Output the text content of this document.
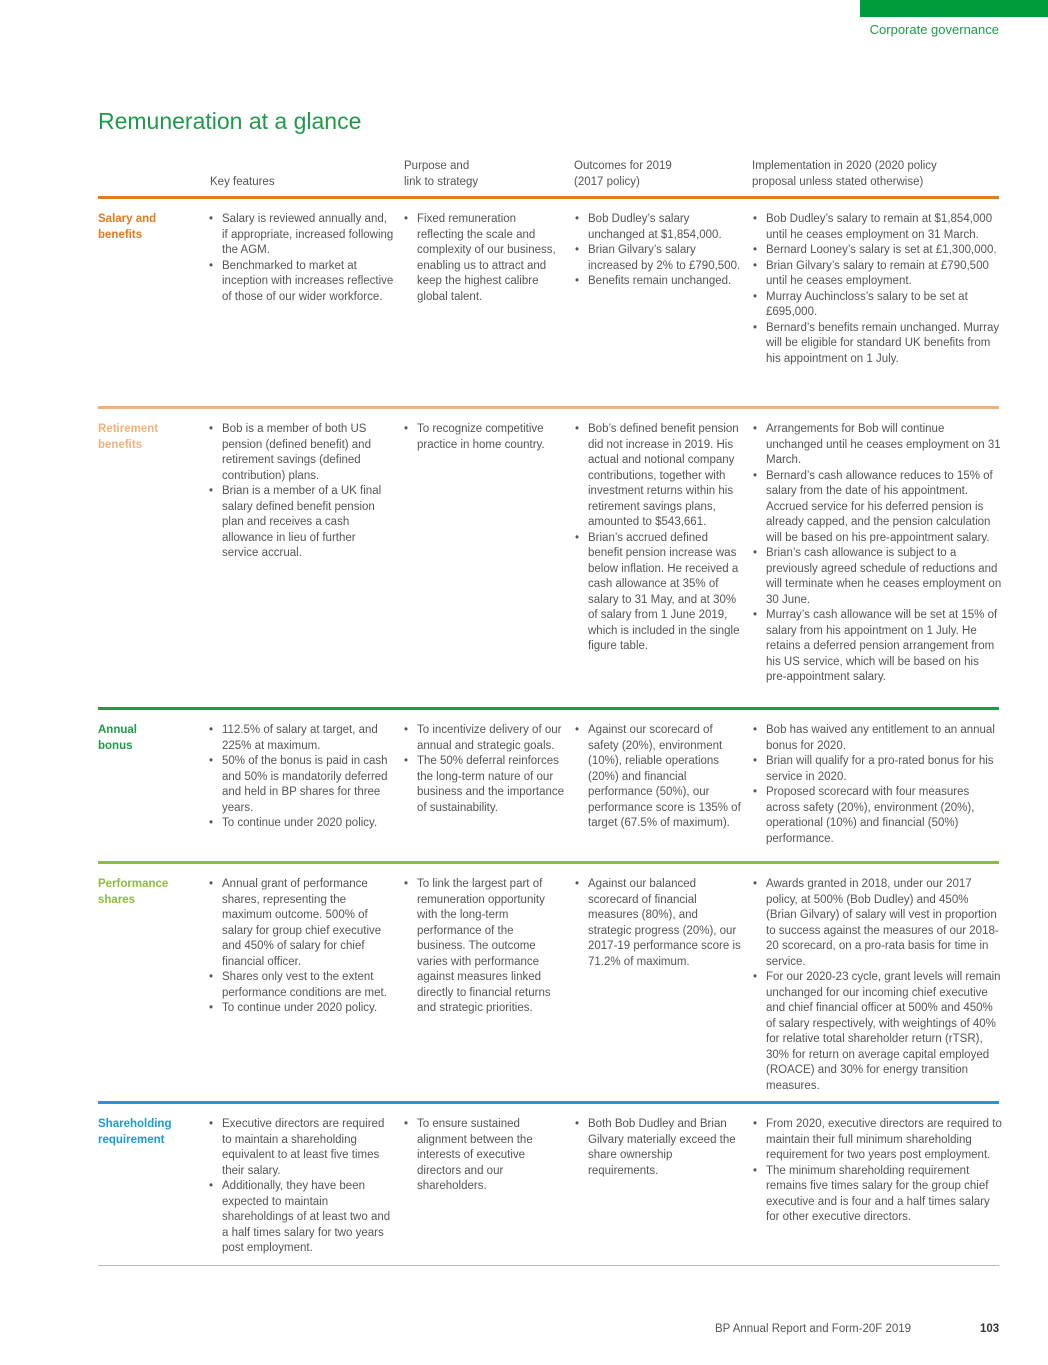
Corporate governance
Remuneration at a glance
Key features
Purpose and
link to strategy
Outcomes for 2019
(2017 policy)
Implementation in 2020 (2020 policy
proposal unless stated otherwise)
Salary and
benefits
• Salary is reviewed annually and, if appropriate, increased following the AGM.
• Benchmarked to market at inception with increases reflective of those of our wider workforce.
• Fixed remuneration reflecting the scale and complexity of our business, enabling us to attract and keep the highest calibre global talent.
• Bob Dudley’s salary unchanged at $1,854,000.
• Brian Gilvary’s salary increased by 2% to £790,500.
• Benefits remain unchanged.
• Bob Dudley’s salary to remain at $1,854,000 until he ceases employment on 31 March.
• Bernard Looney’s salary is set at £1,300,000.
• Brian Gilvary’s salary to remain at £790,500 until he ceases employment.
• Murray Auchincloss’s salary to be set at £695,000.
• Bernard’s benefits remain unchanged. Murray will be eligible for standard UK benefits from his appointment on 1 July.
Retirement
benefits
• Bob is a member of both US pension (defined benefit) and retirement savings (defined contribution) plans.
• Brian is a member of a UK final salary defined benefit pension plan and receives a cash allowance in lieu of further service accrual.
• To recognize competitive practice in home country.
• Bob’s defined benefit pension did not increase in 2019. His actual and notional company contributions, together with investment returns within his retirement savings plans, amounted to $543,661.
• Brian’s accrued defined benefit pension increase was below inflation. He received a cash allowance at 35% of salary to 31 May, and at 30% of salary from 1 June 2019, which is included in the single figure table.
• Arrangements for Bob will continue unchanged until he ceases employment on 31 March.
• Bernard’s cash allowance reduces to 15% of salary from the date of his appointment. Accrued service for his deferred pension is already capped, and the pension calculation will be based on his pre-appointment salary.
• Brian’s cash allowance is subject to a previously agreed schedule of reductions and will terminate when he ceases employment on 30 June.
• Murray’s cash allowance will be set at 15% of salary from his appointment on 1 July. He retains a deferred pension arrangement from his US service, which will be based on his pre-appointment salary.
Annual
bonus
• 112.5% of salary at target, and 225% at maximum.
• 50% of the bonus is paid in cash and 50% is mandatorily deferred and held in BP shares for three years.
• To continue under 2020 policy.
• To incentivize delivery of our annual and strategic goals.
• The 50% deferral reinforces the long-term nature of our business and the importance of sustainability.
• Against our scorecard of safety (20%), environment (10%), reliable operations (20%) and financial performance (50%), our performance score is 135% of target (67.5% of maximum).
• Bob has waived any entitlement to an annual bonus for 2020.
• Brian will qualify for a pro-rated bonus for his service in 2020.
• Proposed scorecard with four measures across safety (20%), environment (20%), operational (10%) and financial (50%) performance.
Performance
shares
• Annual grant of performance shares, representing the maximum outcome. 500% of salary for group chief executive and 450% of salary for chief financial officer.
• Shares only vest to the extent performance conditions are met.
• To continue under 2020 policy.
• To link the largest part of remuneration opportunity with the long-term performance of the business. The outcome varies with performance against measures linked directly to financial returns and strategic priorities.
• Against our balanced scorecard of financial measures (80%), and strategic progress (20%), our 2017-19 performance score is 71.2% of maximum.
• Awards granted in 2018, under our 2017 policy, at 500% (Bob Dudley) and 450% (Brian Gilvary) of salary will vest in proportion to success against the measures of our 2018-20 scorecard, on a pro-rata basis for time in service.
• For our 2020-23 cycle, grant levels will remain unchanged for our incoming chief executive and chief financial officer at 500% and 450% of salary respectively, with weightings of 40% for relative total shareholder return (rTSR), 30% for return on average capital employed (ROACE) and 30% for energy transition measures.
Shareholding
requirement
• Executive directors are required to maintain a shareholding equivalent to at least five times their salary.
• Additionally, they have been expected to maintain shareholdings of at least two and a half times salary for two years post employment.
• To ensure sustained alignment between the interests of executive directors and our shareholders.
• Both Bob Dudley and Brian Gilvary materially exceed the share ownership requirements.
• From 2020, executive directors are required to maintain their full minimum shareholding requirement for two years post employment.
• The minimum shareholding requirement remains five times salary for the group chief executive and is four and a half times salary for other executive directors.
BP Annual Report and Form-20F 2019	103
